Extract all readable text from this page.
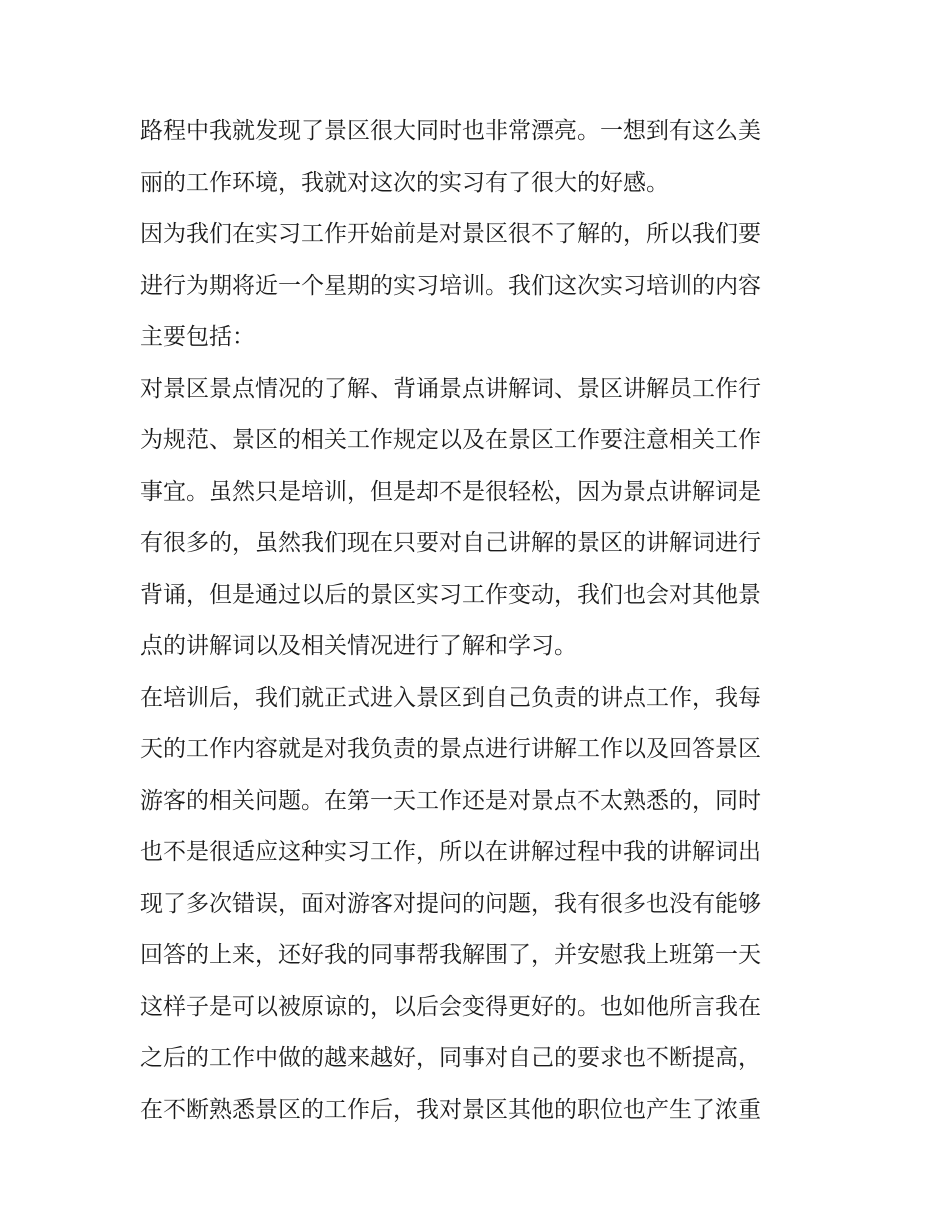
路程中我就发现了景区很大同时也非常漂亮。一想到有这么美
丽的工作环境，我就对这次的实习有了很大的好感。
因为我们在实习工作开始前是对景区很不了解的，所以我们要
进行为期将近一个星期的实习培训。我们这次实习培训的内容
主要包括：
对景区景点情况的了解、背诵景点讲解词、景区讲解员工作行
为规范、景区的相关工作规定以及在景区工作要注意相关工作
事宜。虽然只是培训，但是却不是很轻松，因为景点讲解词是
有很多的，虽然我们现在只要对自己讲解的景区的讲解词进行
背诵，但是通过以后的景区实习工作变动，我们也会对其他景
点的讲解词以及相关情况进行了解和学习。
在培训后，我们就正式进入景区到自己负责的讲点工作，我每
天的工作内容就是对我负责的景点进行讲解工作以及回答景区
游客的相关问题。在第一天工作还是对景点不太熟悉的，同时
也不是很适应这种实习工作，所以在讲解过程中我的讲解词出
现了多次错误，面对游客对提问的问题，我有很多也没有能够
回答的上来，还好我的同事帮我解围了，并安慰我上班第一天
这样子是可以被原谅的，以后会变得更好的。也如他所言我在
之后的工作中做的越来越好，同事对自己的要求也不断提高，
在不断熟悉景区的工作后，我对景区其他的职位也产生了浓重
